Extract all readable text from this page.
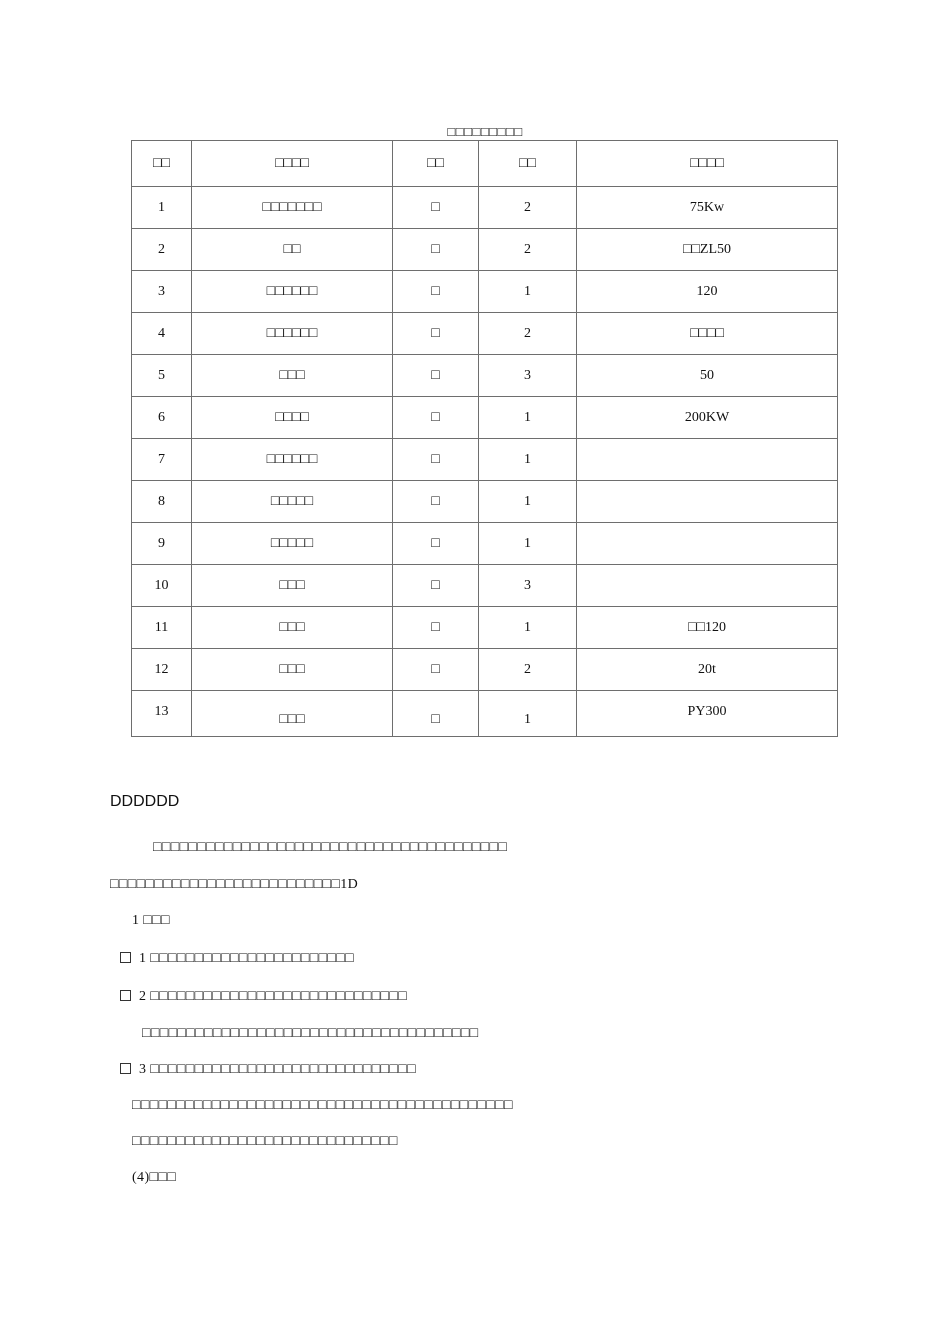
□□□□□□□□□
□□	□□□□	□□	□□	□□□□
1	□□□□□□□	□	2	75Kw
2	□□	□	2	□□ZL50
3	□□□□□□	□	1	120
4	□□□□□□	□	2	□□□□
5	□□□	□	3	50
6	□□□□	□	1	200KW
7	□□□□□□	□	1	
8	□□□□□	□	1	
9	□□□□□	□	1	
10	□□□	□	3	
11	□□□	□	1	□□120
12	□□□	□	2	20t
13	□□□	□	1	PY300
DDDDDD
□□□□□□□□□□□□□□□□□□□□□□□□□□□□□□□□□□□□□□□□
□□□□□□□□□□□□□□□□□□□□□□□□□□1D
1 □□□
1 □□□□□□□□□□□□□□□□□□□□□□□
2 □□□□□□□□□□□□□□□□□□□□□□□□□□□□□
□□□□□□□□□□□□□□□□□□□□□□□□□□□□□□□□□□□□□□
3 □□□□□□□□□□□□□□□□□□□□□□□□□□□□□□
□□□□□□□□□□□□□□□□□□□□□□□□□□□□□□□□□□□□□□□□□□□
□□□□□□□□□□□□□□□□□□□□□□□□□□□□□□
(4)□□□
